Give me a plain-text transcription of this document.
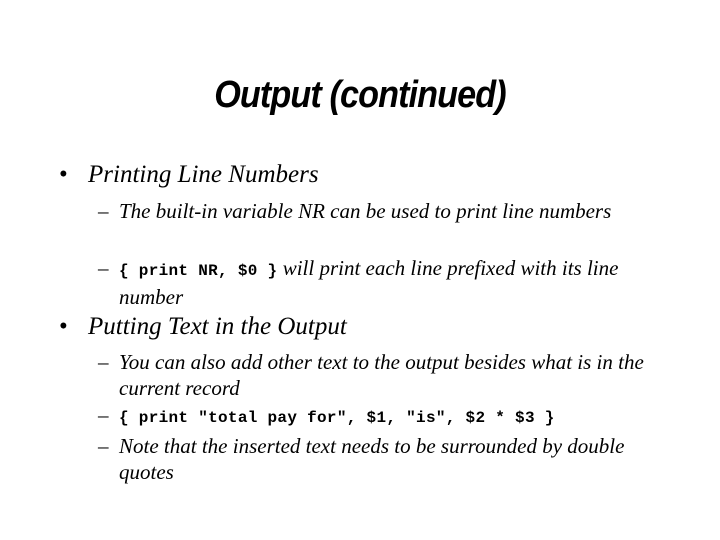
Output (continued)
• Printing Line Numbers
– The built-in variable NR can be used to print line numbers
– { print NR, $0 } will print each line prefixed with its line number
• Putting Text in the Output
– You can also add other text to the output besides what is in the current record
– { print "total pay for", $1, "is", $2 * $3 }
– Note that the inserted text needs to be surrounded by double quotes
